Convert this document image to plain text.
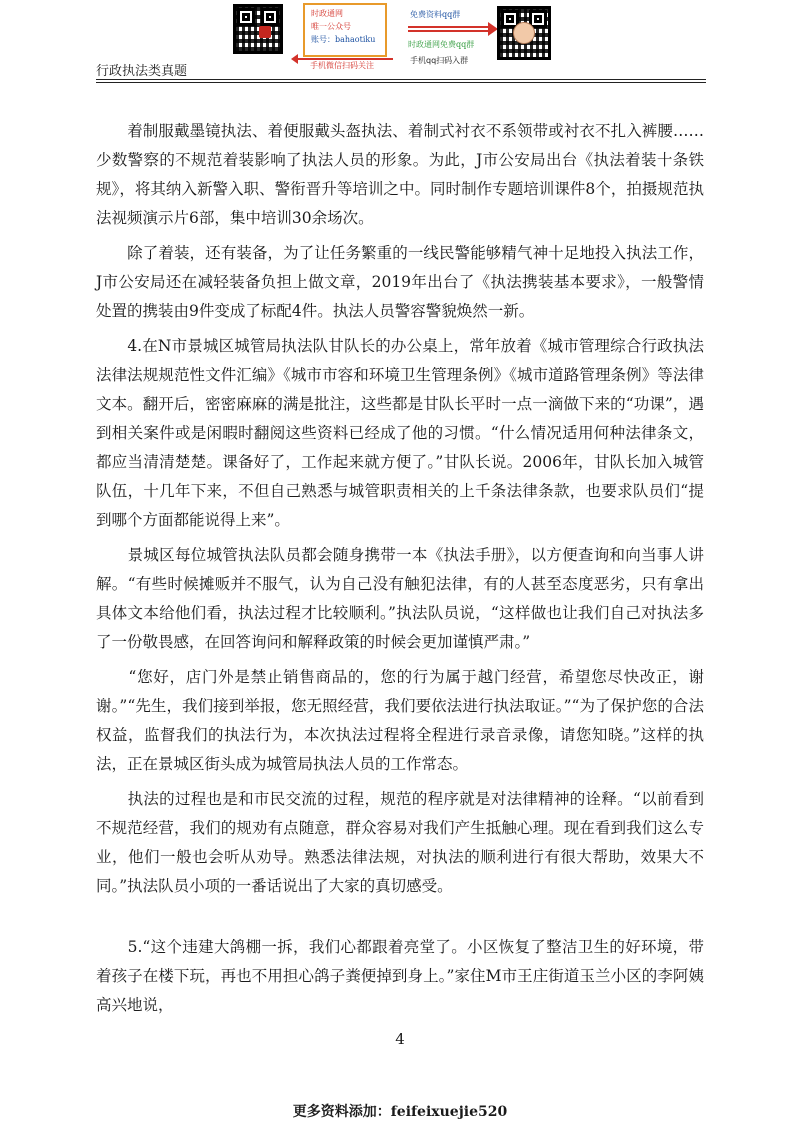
时政通网
唯一公众号
账号：bahaotiku
手机微信扫码关注
免费资料qq群
时政通网免费qq群
手机qq扫码入群
行政执法类真题

　　着制服戴墨镜执法、着便服戴头盔执法、着制式衬衣不系领带或衬衣不扎入裤腰……少数警察的不规范着装影响了执法人员的形象。为此，J市公安局出台《执法着装十条铁规》，将其纳入新警入职、警衔晋升等培训之中。同时制作专题培训课件8个，拍摄规范执法视频演示片6部，集中培训30余场次。

　　除了着装，还有装备，为了让任务繁重的一线民警能够精气神十足地投入执法工作，J市公安局还在减轻装备负担上做文章，2019年出台了《执法携装基本要求》，一般警情处置的携装由9件变成了标配4件。执法人员警容警貌焕然一新。

　　4.在N市景城区城管局执法队甘队长的办公桌上，常年放着《城市管理综合行政执法法律法规规范性文件汇编》《城市市容和环境卫生管理条例》《城市道路管理条例》等法律文本。翻开后，密密麻麻的满是批注，这些都是甘队长平时一点一滴做下来的“功课”，遇到相关案件或是闲暇时翻阅这些资料已经成了他的习惯。“什么情况适用何种法律条文，都应当清清楚楚。课备好了，工作起来就方便了。”甘队长说。2006年，甘队长加入城管队伍，十几年下来，不但自己熟悉与城管职责相关的上千条法律条款，也要求队员们“提到哪个方面都能说得上来”。

　　景城区每位城管执法队员都会随身携带一本《执法手册》，以方便查询和向当事人讲解。“有些时候摊贩并不服气，认为自己没有触犯法律，有的人甚至态度恶劣，只有拿出具体文本给他们看，执法过程才比较顺利。”执法队员说，“这样做也让我们自己对执法多了一份敬畏感，在回答询问和解释政策的时候会更加谨慎严肃。”

　　“您好，店门外是禁止销售商品的，您的行为属于越门经营，希望您尽快改正，谢谢。”“先生，我们接到举报，您无照经营，我们要依法进行执法取证。”“为了保护您的合法权益，监督我们的执法行为，本次执法过程将全程进行录音录像，请您知晓。”这样的执法，正在景城区街头成为城管局执法人员的工作常态。

　　执法的过程也是和市民交流的过程，规范的程序就是对法律精神的诠释。“以前看到不规范经营，我们的规劝有点随意，群众容易对我们产生抵触心理。现在看到我们这么专业，他们一般也会听从劝导。熟悉法律法规，对执法的顺利进行有很大帮助，效果大不同。”执法队员小项的一番话说出了大家的真切感受。

　　5.“这个违建大鸽棚一拆，我们心都跟着亮堂了。小区恢复了整洁卫生的好环境，带着孩子在楼下玩，再也不用担心鸽子粪便掉到身上。”家住M市王庄街道玉兰小区的李阿姨高兴地说，

4
更多资料添加：feifeixuejie520
